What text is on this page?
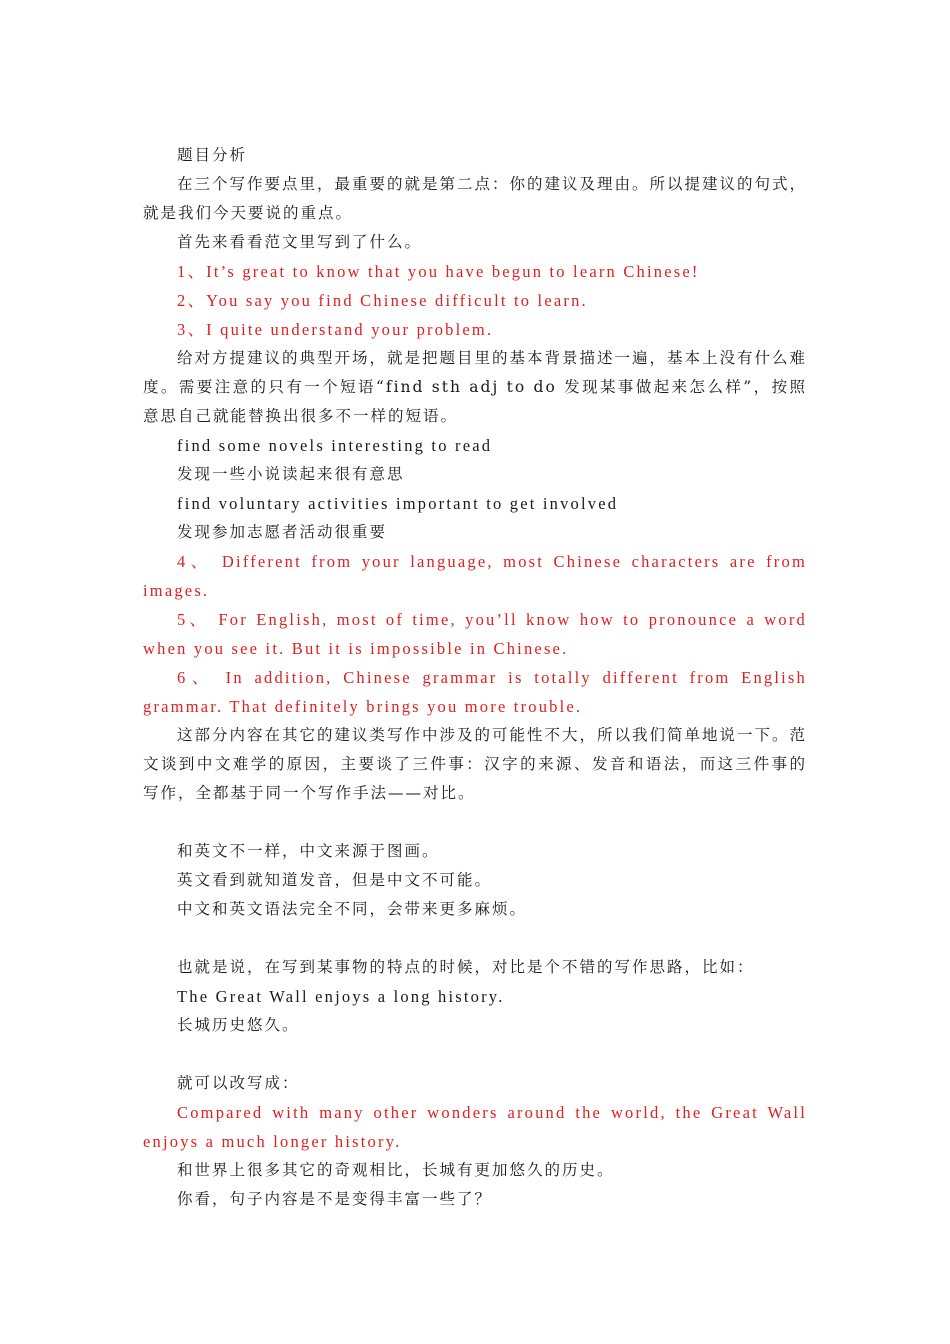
题目分析

在三个写作要点里，最重要的就是第二点：你的建议及理由。所以提建议的句式，就是我们今天要说的重点。

首先来看看范文里写到了什么。

1、It’s great to know that you have begun to learn Chinese!

2、You say you find Chinese difficult to learn.

3、I quite understand your problem.

给对方提建议的典型开场，就是把题目里的基本背景描述一遍，基本上没有什么难度。需要注意的只有一个短语“find sth adj to do 发现某事做起来怎么样”，按照意思自己就能替换出很多不一样的短语。

find some novels interesting to read

发现一些小说读起来很有意思

find voluntary activities important to get involved

发现参加志愿者活动很重要

4、 Different from your language, most Chinese characters are from images.

5、 For English, most of time, you’ll know how to pronounce a word when you see it. But it is impossible in Chinese.

6、 In addition, Chinese grammar is totally different from English grammar. That definitely brings you more trouble.

这部分内容在其它的建议类写作中涉及的可能性不大，所以我们简单地说一下。范文谈到中文难学的原因，主要谈了三件事：汉字的来源、发音和语法，而这三件事的写作，全都基于同一个写作手法——对比。

和英文不一样，中文来源于图画。

英文看到就知道发音，但是中文不可能。

中文和英文语法完全不同，会带来更多麻烦。

也就是说，在写到某事物的特点的时候，对比是个不错的写作思路，比如：

The Great Wall enjoys a long history.

长城历史悠久。

就可以改写成：

Compared with many other wonders around the world, the Great Wall enjoys a much longer history.

和世界上很多其它的奇观相比，长城有更加悠久的历史。

你看，句子内容是不是变得丰富一些了？
